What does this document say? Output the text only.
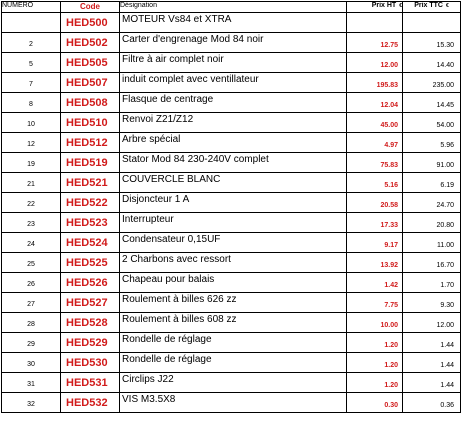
NUMERO	Code	Désignation	Prix HT €	Prix TTC €
	HED500	MOTEUR Vs84 et XTRA		
2	HED502	Carter d'engrenage Mod 84 noir	12.75	15.30
5	HED505	Filtre à air complet noir	12.00	14.40
7	HED507	induit complet avec ventillateur	195.83	235.00
8	HED508	Flasque de centrage	12.04	14.45
10	HED510	Renvoi Z21/Z12	45.00	54.00
12	HED512	Arbre spécial	4.97	5.96
19	HED519	Stator Mod 84 230-240V complet	75.83	91.00
21	HED521	COUVERCLE BLANC	5.16	6.19
22	HED522	Disjoncteur 1 A	20.58	24.70
23	HED523	Interrupteur	17.33	20.80
24	HED524	Condensateur 0,15UF	9.17	11.00
25	HED525	2 Charbons avec ressort	13.92	16.70
26	HED526	Chapeau pour balais	1.42	1.70
27	HED527	Roulement à billes 626 zz	7.75	9.30
28	HED528	Roulement à billes 608 zz	10.00	12.00
29	HED529	Rondelle de réglage	1.20	1.44
30	HED530	Rondelle de réglage	1.20	1.44
31	HED531	Circlips J22	1.20	1.44
32	HED532	VIS M3.5X8	0.30	0.36
